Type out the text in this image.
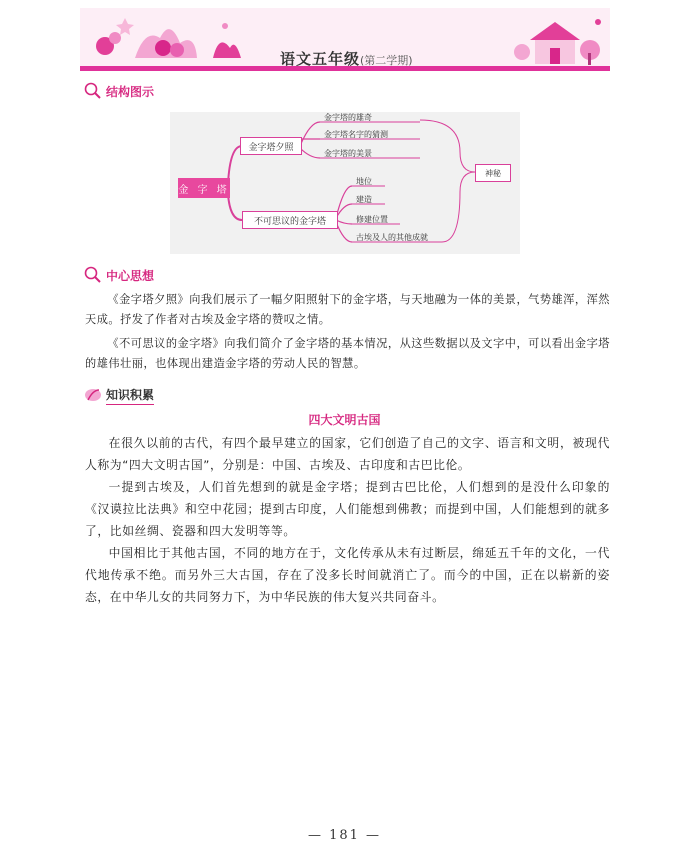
语文五年级(第二学期)
结构图示
金 字 塔
金字塔夕照
不可思议的金字塔
金字塔的雄奇
金字塔名字的猜测
金字塔的美景
地位
建造
修建位置
古埃及人的其他成就
神秘
中心思想
《金字塔夕照》向我们展示了一幅夕阳照射下的金字塔，与天地融为一体的美景，气势雄浑，浑然天成。抒发了作者对古埃及金字塔的赞叹之情。
《不可思议的金字塔》向我们简介了金字塔的基本情况，从这些数据以及文字中，可以看出金字塔的雄伟壮丽，也体现出建造金字塔的劳动人民的智慧。
知识积累
四大文明古国
在很久以前的古代，有四个最早建立的国家，它们创造了自己的文字、语言和文明，被现代人称为“四大文明古国”，分别是：中国、古埃及、古印度和古巴比伦。
一提到古埃及，人们首先想到的就是金字塔；提到古巴比伦，人们想到的是没什么印象的《汉谟拉比法典》和空中花园；提到古印度，人们能想到佛教；而提到中国，人们能想到的就多了，比如丝绸、瓷器和四大发明等等。
中国相比于其他古国，不同的地方在于，文化传承从未有过断层，绵延五千年的文化，一代代地传承不绝。而另外三大古国，存在了没多长时间就消亡了。而今的中国，正在以崭新的姿态，在中华儿女的共同努力下，为中华民族的伟大复兴共同奋斗。
— 181 —
